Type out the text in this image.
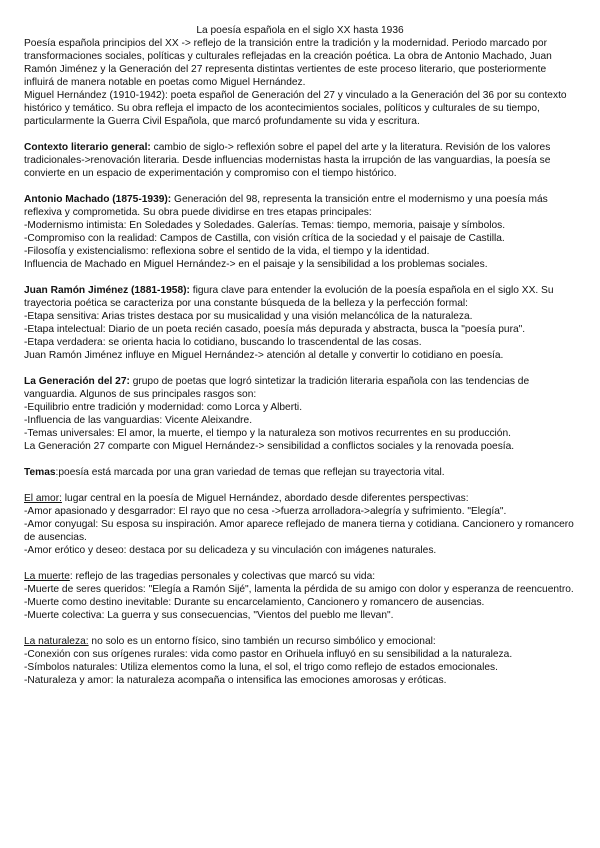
La poesía española en el siglo XX hasta 1936

Poesía española principios del XX -> reflejo de la transición entre la tradición y la modernidad. Periodo marcado por transformaciones sociales, políticas y culturales reflejadas en la creación poética. La obra de Antonio Machado, Juan Ramón Jiménez y la Generación del 27 representa distintas vertientes de este proceso literario, que posteriormente influirá de manera notable en poetas como Miguel Hernández.

Miguel Hernández (1910-1942): poeta español de Generación del 27 y vinculado a la Generación del 36 por su contexto histórico y temático. Su obra refleja el impacto de los acontecimientos sociales, políticos y culturales de su tiempo, particularmente la Guerra Civil Española, que marcó profundamente su vida y escritura.

Contexto literario general: cambio de siglo-> reflexión sobre el papel del arte y la literatura. Revisión de los valores tradicionales->renovación literaria. Desde influencias modernistas hasta la irrupción de las vanguardias, la poesía se convierte en un espacio de experimentación y compromiso con el tiempo histórico.

Antonio Machado (1875-1939): Generación del 98, representa la transición entre el modernismo y una poesía más reflexiva y comprometida. Su obra puede dividirse en tres etapas principales:

-Modernismo intimista: En Soledades y Soledades. Galerías. Temas: tiempo, memoria, paisaje y símbolos.

-Compromiso con la realidad: Campos de Castilla, con visión crítica de la sociedad y el paisaje de Castilla.

-Filosofía y existencialismo: reflexiona sobre el sentido de la vida, el tiempo y la identidad.

Influencia de Machado en Miguel Hernández-> en el paisaje y la sensibilidad a los problemas sociales.

Juan Ramón Jiménez (1881-1958): figura clave para entender la evolución de la poesía española en el siglo XX. Su trayectoria poética se caracteriza por una constante búsqueda de la belleza y la perfección formal:

-Etapa sensitiva: Arias tristes destaca por su musicalidad y una visión melancólica de la naturaleza.

-Etapa intelectual: Diario de un poeta recién casado, poesía más depurada y abstracta, busca la "poesía pura".

-Etapa verdadera: se orienta hacia lo cotidiano, buscando lo trascendental de las cosas.

Juan Ramón Jiménez influye en Miguel Hernández-> atención al detalle y convertir lo cotidiano en poesía.

La Generación del 27: grupo de poetas que logró sintetizar la tradición literaria española con las tendencias de vanguardia. Algunos de sus principales rasgos son:

-Equilibrio entre tradición y modernidad: como Lorca y Alberti.

-Influencia de las vanguardias: Vicente Aleixandre.

-Temas universales: El amor, la muerte, el tiempo y la naturaleza son motivos recurrentes en su producción.

La Generación 27 comparte con Miguel Hernández-> sensibilidad a conflictos sociales y la renovada poesía.

Temas:poesía está marcada por una gran variedad de temas que reflejan su trayectoria vital.

El amor: lugar central en la poesía de Miguel Hernández, abordado desde diferentes perspectivas:

-Amor apasionado y desgarrador: El rayo que no cesa ->fuerza arrolladora->alegría y sufrimiento. "Elegía".

-Amor conyugal: Su esposa su inspiración. Amor aparece reflejado de manera tierna y cotidiana. Cancionero y romancero de ausencias.

-Amor erótico y deseo: destaca por su delicadeza y su vinculación con imágenes naturales.

La muerte: reflejo de las tragedias personales y colectivas que marcó su vida:

-Muerte de seres queridos: "Elegía a Ramón Sijé", lamenta la pérdida de su amigo con dolor y esperanza de reencuentro.

-Muerte como destino inevitable: Durante su encarcelamiento, Cancionero y romancero de ausencias.

-Muerte colectiva: La guerra y sus consecuencias, "Vientos del pueblo me llevan".

La naturaleza: no solo es un entorno físico, sino también un recurso simbólico y emocional:

-Conexión con sus orígenes rurales: vida como pastor en Orihuela influyó en su sensibilidad a la naturaleza.

-Símbolos naturales: Utiliza elementos como la luna, el sol, el trigo como reflejo de estados emocionales.

-Naturaleza y amor: la naturaleza acompaña o intensifica las emociones amorosas y eróticas.
